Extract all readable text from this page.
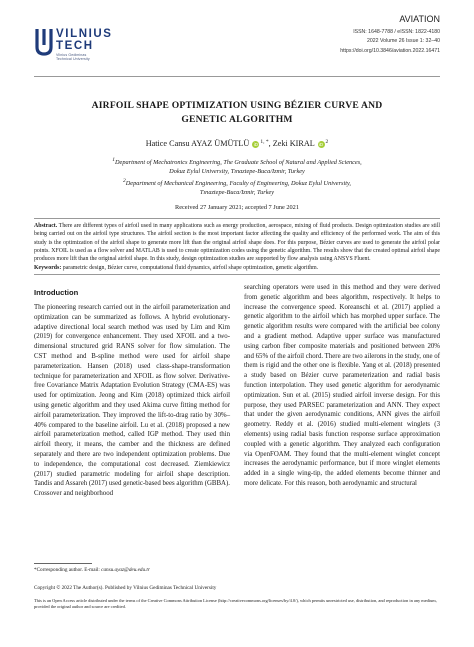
VILNIUS
TECH
Vilnius Gediminas
Technical University
AVIATION
ISSN: 1648-7788 / eISSN: 1822-4180
2022 Volume 26 Issue 1: 32–40
https://doi.org/10.3846/aviation.2022.16471
AIRFOIL SHAPE OPTIMIZATION USING BÉZIER CURVE AND
GENETIC ALGORITHM
Hatice Cansu AYAZ ÜMÜTLÜ iD $^{1, *}$, Zeki KIRAL iD $^2$
1Department of Mechatronics Engineering, The Graduate School of Natural and Applied Sciences,
Dokuz Eylul University, Tınaztepe-Buca/Izmir, Turkey
2Department of Mechanical Engineering, Faculty of Engineering, Dokuz Eylul University,
Tınaztepe-Buca/Izmir, Turkey
Received 27 January 2021; accepted 7 June 2021
Abstract. There are different types of airfoil used in many applications such as energy production, aerospace, mixing of fluid products. Design optimization studies are still being carried out on the airfoil type structures. The airfoil section is the most important factor affecting the quality and efficiency of the performed work. The aim of this study is the optimization of the airfoil shape to generate more lift than the original airfoil shape does. For this purpose, Bézier curves are used to generate the airfoil polar points. XFOIL is used as a flow solver and MATLAB is used to create optimization codes using the genetic algorithm. The results show that the created optimal airfoil shape produces more lift than the original airfoil shape. In this study, design optimization studies are supported by flow analysis using ANSYS Fluent.
Keywords: parametric design, Bézier curve, computational fluid dynamics, airfoil shape optimization, genetic algorithm.
Introduction

The pioneering research carried out in the airfoil parameterization and optimization can be summarized as follows. A hybrid evolutionary-adaptive directional local search method was used by Lim and Kim (2019) for convergence enhancement. They used XFOIL and a two-dimensional structured grid RANS solver for flow simulation. The CST method and B-spline method were used for airfoil shape parameterization. Hansen (2018) used class-shape-transformation technique for parameterization and XFOIL as flow solver. Derivative-free Covariance Matrix Adaptation Evolution Strategy (CMA-ES) was used for optimization. Jeong and Kim (2018) optimized thick airfoil using genetic algorithm and they used Akima curve fitting method for airfoil parameterization. They improved the lift-to-drag ratio by 30%–40% compared to the baseline airfoil. Lu et al. (2018) proposed a new airfoil parameterization method, called IGP method. They used thin airfoil theory, it means, the camber and the thickness are defined separately and there are two independent optimization problems. Due to independence, the computational cost decreased. Ziemkiewicz (2017) studied parametric modeling for airfoil shape description. Tandis and Assareh (2017) used genetic-based bees algorithm (GBBA). Crossover and neighborhood

searching operators were used in this method and they were derived from genetic algorithm and bees algorithm, respectively. It helps to increase the convergence speed. Koreanschi et al. (2017) applied a genetic algorithm to the airfoil which has morphed upper surface. The genetic algorithm results were compared with the artificial bee colony and a gradient method. Adaptive upper surface was manufactured using carbon fiber composite materials and positioned between 20% and 65% of the airfoil chord. There are two ailerons in the study, one of them is rigid and the other one is flexible. Yang et al. (2018) presented a study based on Bézier curve parameterization and radial basis function interpolation. They used genetic algorithm for aerodynamic optimization. Sun et al. (2015) studied airfoil inverse design. For this purpose, they used PARSEC parameterization and ANN. They expect that under the given aerodynamic conditions, ANN gives the airfoil geometry. Reddy et al. (2016) studied multi-element winglets (3 elements) using radial basis function response surface approximation coupled with a genetic algorithm. They analyzed each configuration via OpenFOAM. They found that the multi-element winglet concept increases the aerodynamic performance, but if more winglet elements added in a single wing-tip, the added elements become thinner and more delicate. For this reason, both aerodynamic and structural

*Corresponding author. E-mail: cansu.ayaz@deu.edu.tr
Copyright © 2022 The Author(s). Published by Vilnius Gediminas Technical University
This is an Open Access article distributed under the terms of the Creative Commons Attribution License (http://creativecommons.org/licenses/by/4.0/), which permits unrestricted use, distribution, and reproduction in any medium, provided the original author and source are credited.
